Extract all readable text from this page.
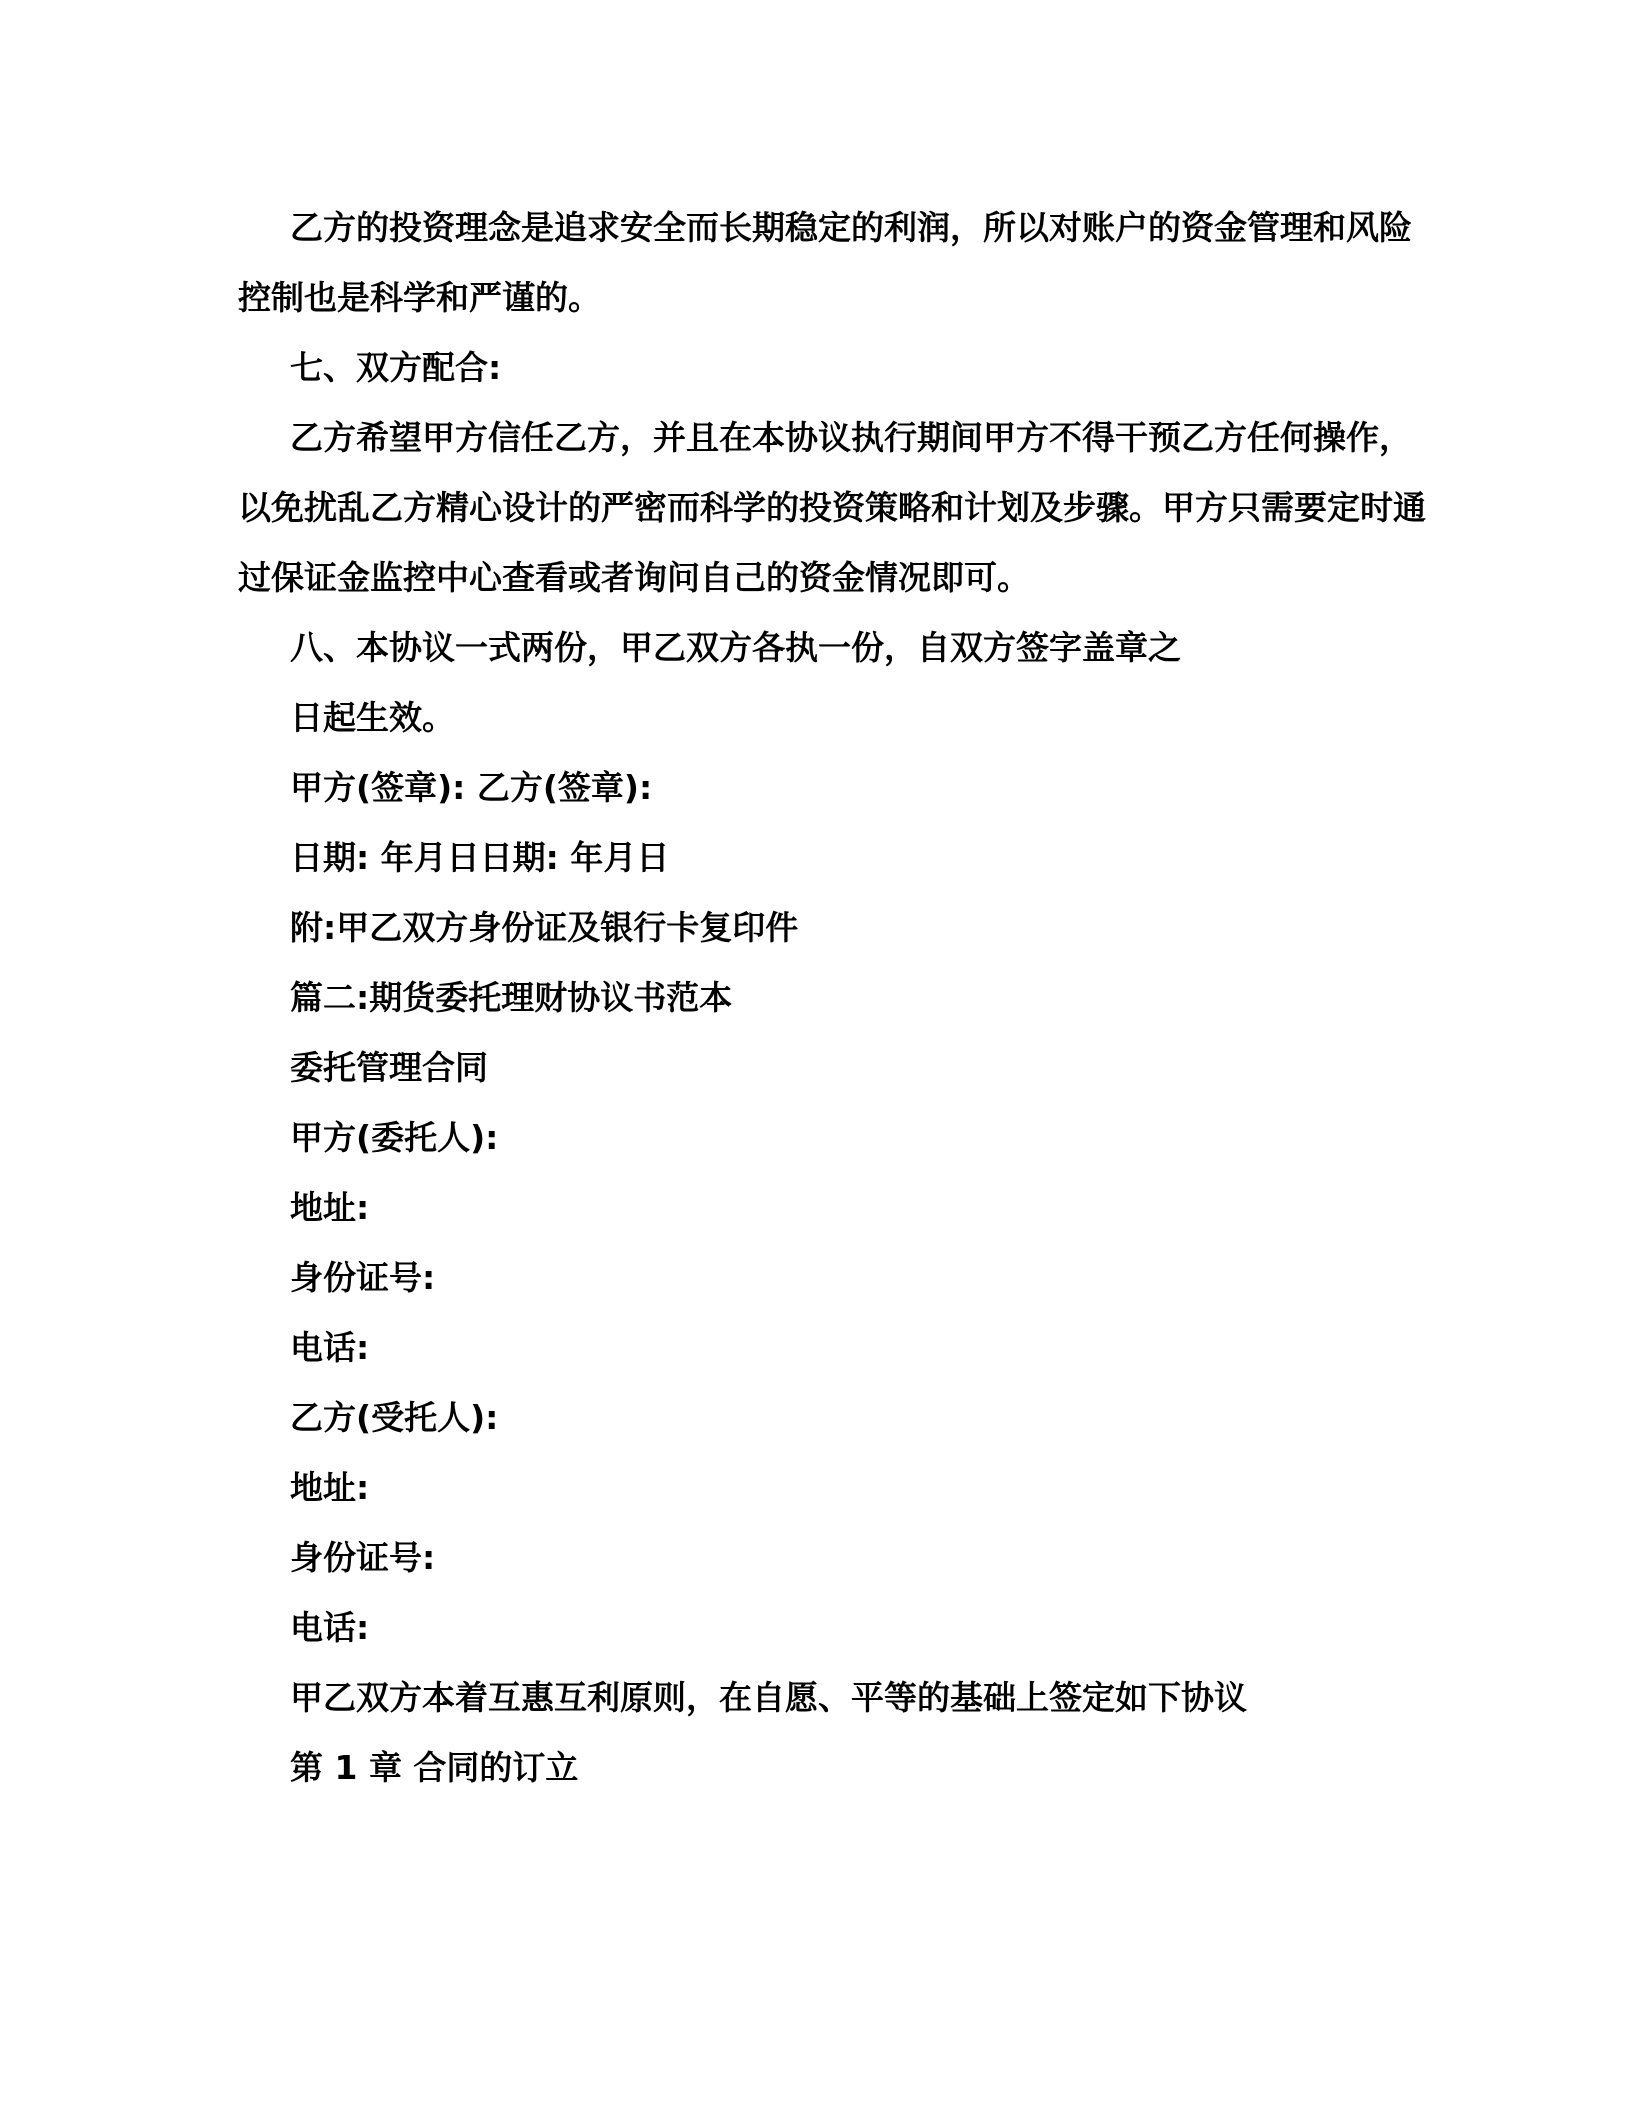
乙方的投资理念是追求安全而长期稳定的利润，所以对账户的资金管理和风险
控制也是科学和严谨的。
七、双方配合:
乙方希望甲方信任乙方，并且在本协议执行期间甲方不得干预乙方任何操作，
以免扰乱乙方精心设计的严密而科学的投资策略和计划及步骤。甲方只需要定时通
过保证金监控中心查看或者询问自己的资金情况即可。
八、本协议一式两份，甲乙双方各执一份，自双方签字盖章之
日起生效。
甲方(签章): 乙方(签章):
日期: 年月日日期: 年月日
附:甲乙双方身份证及银行卡复印件
篇二:期货委托理财协议书范本
委托管理合同
甲方(委托人):
地址:
身份证号:
电话:
乙方(受托人):
地址:
身份证号:
电话:
甲乙双方本着互惠互利原则，在自愿、平等的基础上签定如下协议
第 1 章 合同的订立
